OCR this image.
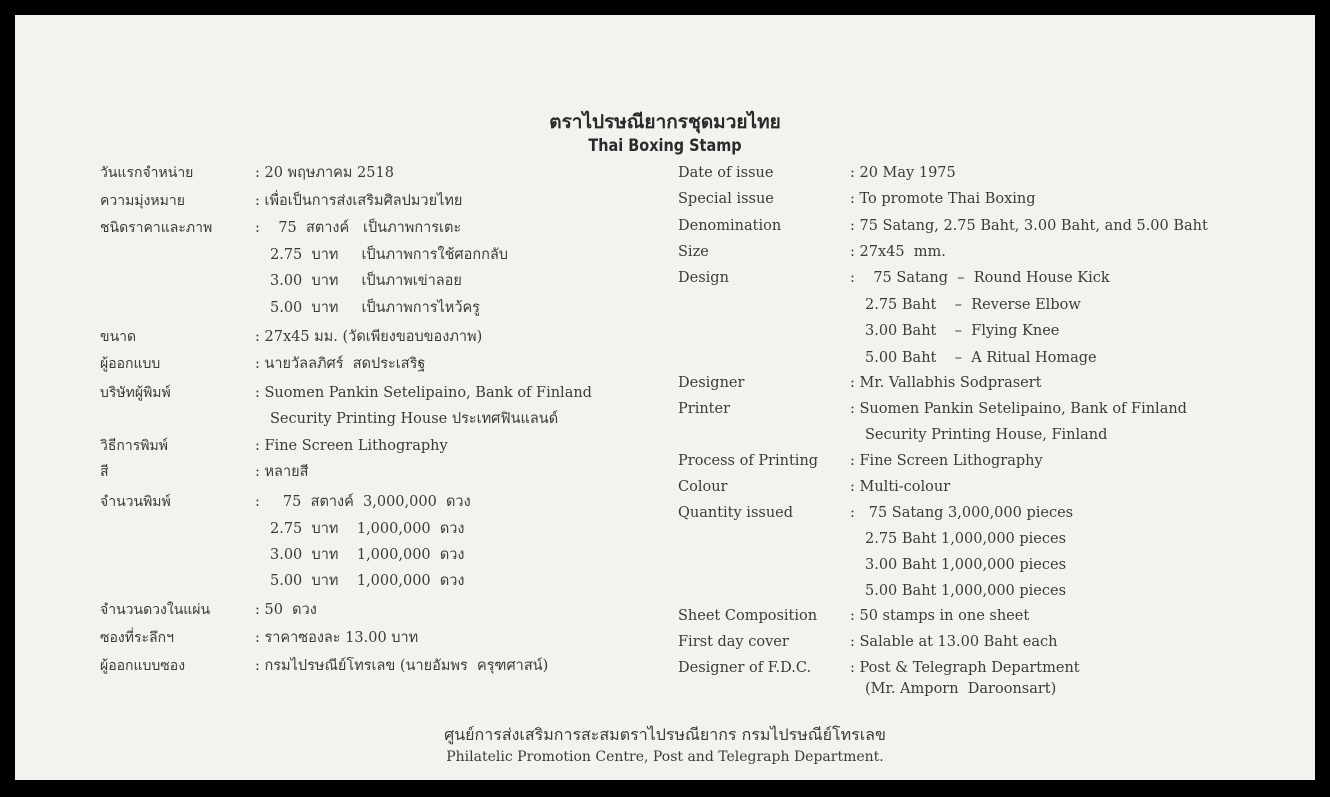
ตราไปรษณียากรชุดมวยไทย
Thai Boxing Stamp
ศูนย์การส่งเสริมการสะสมตราไปรษณียากร กรมไปรษณีย์โทรเลข
Philatelic Promotion Centre, Post and Telegraph Department.
วันแรกจำหน่าย	: 20 พฤษภาคม 2518
ความมุ่งหมาย	: เพื่อเป็นการส่งเสริมศิลปมวยไทย
ชนิดราคาและภาพ	:    75  สตางค์   เป็นภาพการเตะ
2.75  บาท     เป็นภาพการใช้ศอกกลับ
3.00  บาท     เป็นภาพเข่าลอย
5.00  บาท     เป็นภาพการไหว้ครู
ขนาด	: 27x45 มม. (วัดเพียงขอบของภาพ)
ผู้ออกแบบ	: นายวัลลภิศร์  สดประเสริฐ
บริษัทผู้พิมพ์	: Suomen Pankin Setelipaino, Bank of Finland
Security Printing House ประเทศฟินแลนด์
วิธีการพิมพ์	: Fine Screen Lithography
สี	: หลายสี
จำนวนพิมพ์	:     75  สตางค์  3,000,000  ดวง
2.75  บาท    1,000,000  ดวง
3.00  บาท    1,000,000  ดวง
5.00  บาท    1,000,000  ดวง
จำนวนดวงในแผ่น	: 50  ดวง
ซองที่ระลึกฯ	: ราคาซองละ 13.00 บาท
ผู้ออกแบบซอง	: กรมไปรษณีย์โทรเลข (นายอัมพร  ครุฑศาสน์)
Date of issue	: 20 May 1975
Special issue	: To promote Thai Boxing
Denomination	: 75 Satang, 2.75 Baht, 3.00 Baht, and 5.00 Baht
Size	: 27x45  mm.
Design	:    75 Satang  –  Round House Kick
2.75 Baht    –  Reverse Elbow
3.00 Baht    –  Flying Knee
5.00 Baht    –  A Ritual Homage
Designer	: Mr. Vallabhis Sodprasert
Printer	: Suomen Pankin Setelipaino, Bank of Finland
Security Printing House, Finland
Process of Printing : Fine Screen Lithography
Colour	: Multi-colour
Quantity issued	:   75 Satang 3,000,000 pieces
2.75 Baht 1,000,000 pieces
3.00 Baht 1,000,000 pieces
5.00 Baht 1,000,000 pieces
Sheet Composition : 50 stamps in one sheet
First day cover	: Salable at 13.00 Baht each
Designer of F.D.C.	: Post & Telegraph Department
(Mr. Amporn  Daroonsart)
